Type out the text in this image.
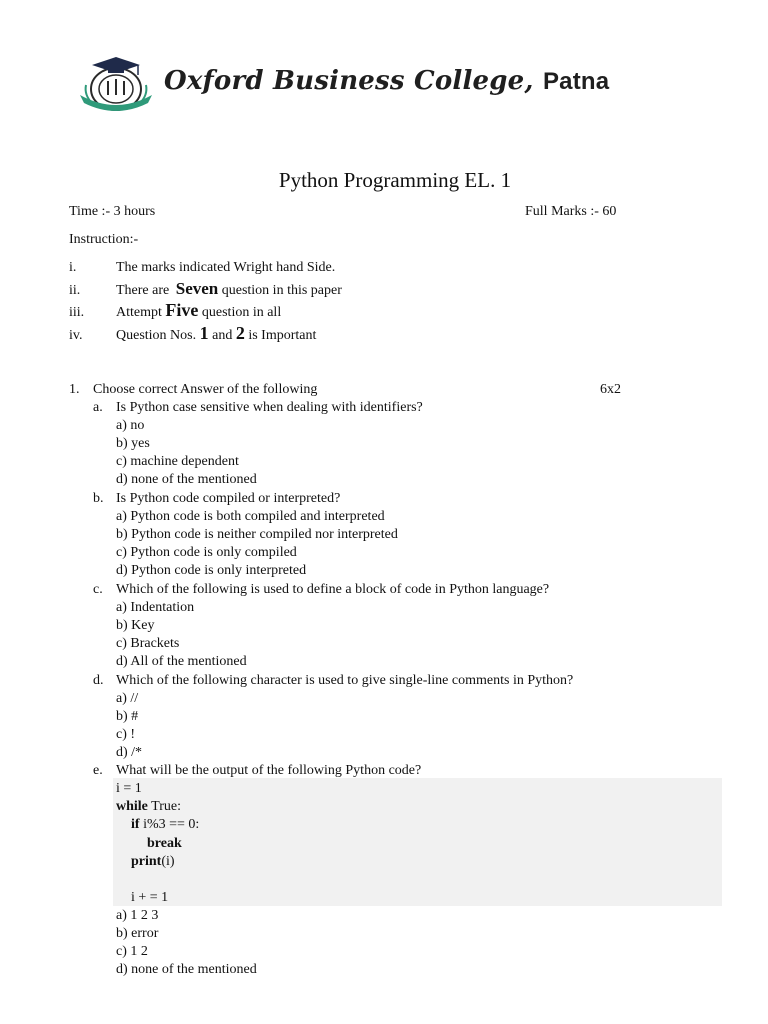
Oxford Business College, Patna
Python Programming EL. 1
Time :- 3 hours	Full Marks :- 60
Instruction:-
i.	The marks indicated Wright hand Side.
ii.	There are Seven question in this paper
iii. Attempt Five question in all
iv. Question Nos. 1 and 2 is Important
1. Choose correct Answer of the following	6x2
a. Is Python case sensitive when dealing with identifiers?
a) no
b) yes
c) machine dependent
d) none of the mentioned
b. Is Python code compiled or interpreted?
a) Python code is both compiled and interpreted
b) Python code is neither compiled nor interpreted
c) Python code is only compiled
d) Python code is only interpreted
c. Which of the following is used to define a block of code in Python language?
a) Indentation
b) Key
c) Brackets
d) All of the mentioned
d. Which of the following character is used to give single-line comments in Python?
a) //
b) #
c) !
d) /*
e. What will be the output of the following Python code?
i = 1
while True:
if i%3 == 0:
break
print(i)
i + = 1
a) 1 2 3
b) error
c) 1 2
d) none of the mentioned
